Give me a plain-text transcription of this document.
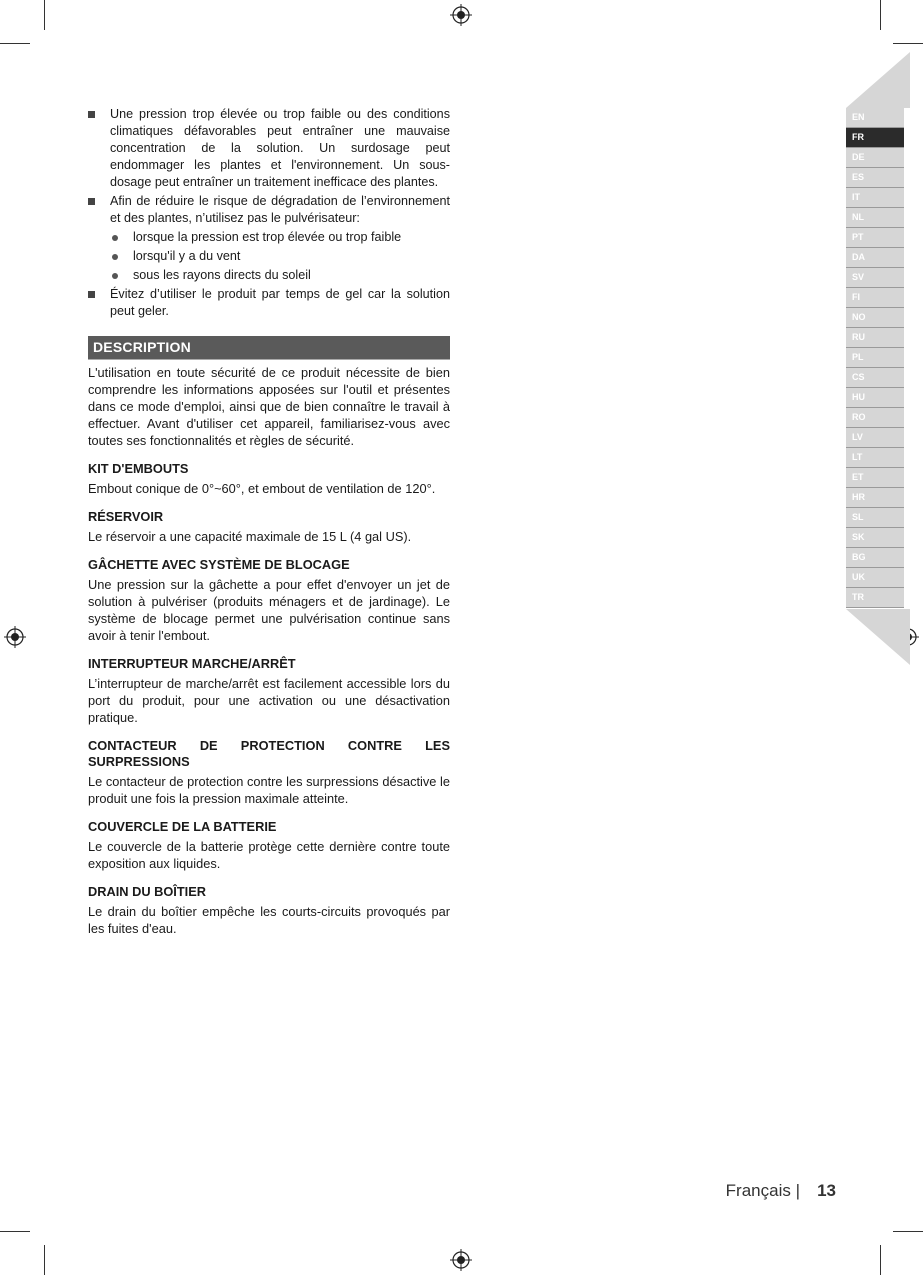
Une pression trop élevée ou trop faible ou des conditions climatiques défavorables peut entraîner une mauvaise concentration de la solution. Un surdosage peut endommager les plantes et l'environnement. Un sous-dosage peut entraîner un traitement inefficace des plantes.
Afin de réduire le risque de dégradation de l’environnement et des plantes, n’utilisez pas le pulvérisateur:
lorsque la pression est trop élevée ou trop faible
lorsqu'il y a du vent
sous les rayons directs du soleil
Évitez d’utiliser le produit par temps de gel car la solution peut geler.
DESCRIPTION

L'utilisation en toute sécurité de ce produit nécessite de bien comprendre les informations apposées sur l'outil et présentes dans ce mode d'emploi, ainsi que de bien connaître le travail à effectuer. Avant d'utiliser cet appareil, familiarisez-vous avec toutes ses fonctionnalités et règles de sécurité.

KIT D'EMBOUTS
Embout conique de 0°~60°, et embout de ventilation de 120°.
RÉSERVOIR
Le réservoir a une capacité maximale de 15 L (4 gal US).
GÂCHETTE AVEC SYSTÈME DE BLOCAGE
Une pression sur la gâchette a pour effet d'envoyer un jet de solution à pulvériser (produits ménagers et de jardinage). Le système de blocage permet une pulvérisation continue sans avoir à tenir l'embout.
INTERRUPTEUR MARCHE/ARRÊT
L’interrupteur de marche/arrêt est facilement accessible lors du port du produit, pour une activation ou une désactivation pratique.
CONTACTEUR DE PROTECTION CONTRE LES SURPRESSIONS
Le contacteur de protection contre les surpressions désactive le produit une fois la pression maximale atteinte.
COUVERCLE DE LA BATTERIE
Le couvercle de la batterie protège cette dernière contre toute exposition aux liquides.
DRAIN DU BOÎTIER
Le drain du boîtier empêche les courts-circuits provoqués par les fuites d'eau.
EN
FR
DE
ES
IT
NL
PT
DA
SV
FI
NO
RU
PL
CS
HU
RO
LV
LT
ET
HR
SL
SK
BG
UK
TR
Français | 13
